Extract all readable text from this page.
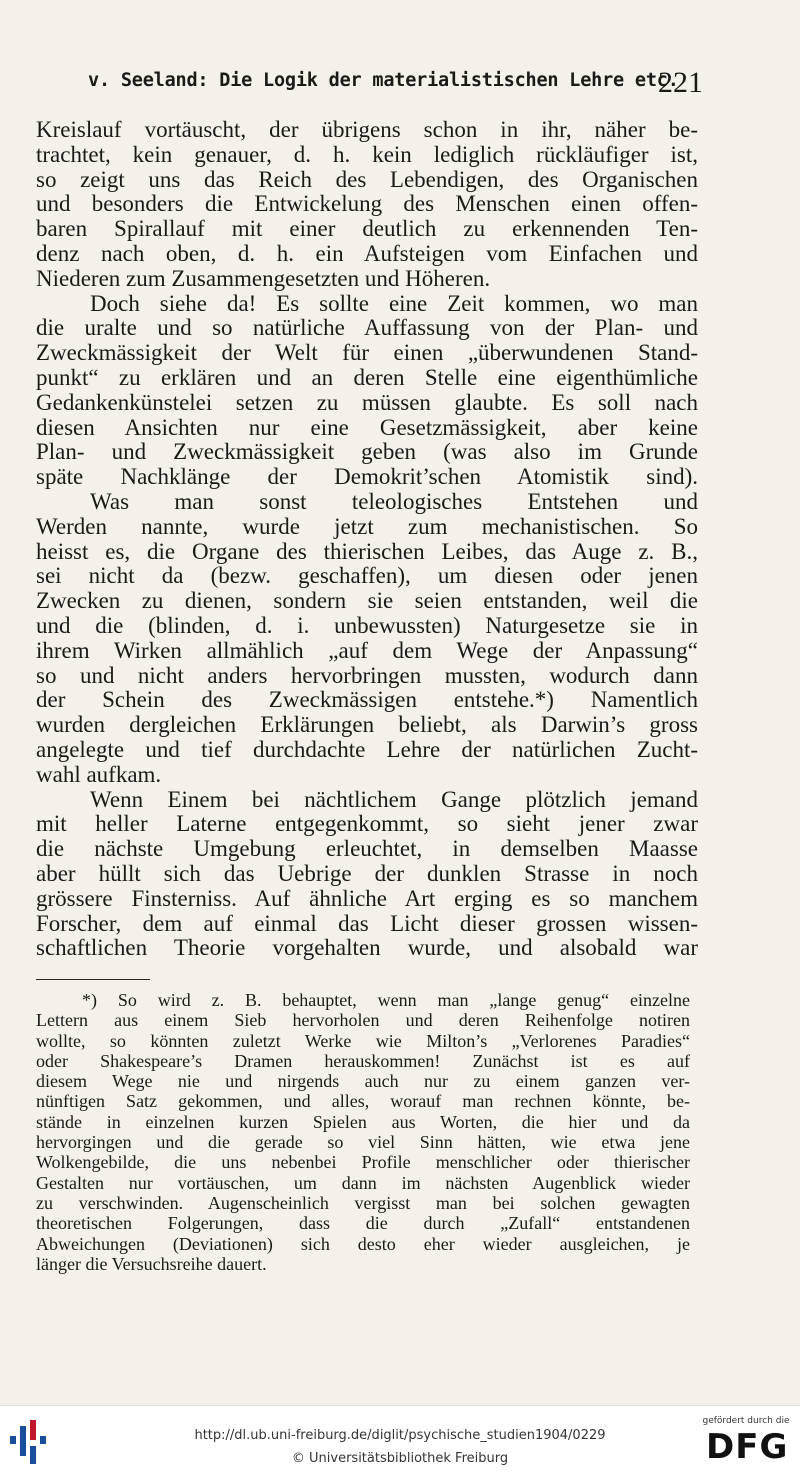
v. Seeland: Die Logik der materialistischen Lehre etc.
221
Kreislauf vortäuscht, der übrigens schon in ihr, näher be-
trachtet, kein genauer, d. h. kein lediglich rückläufiger ist,
so zeigt uns das Reich des Lebendigen, des Organischen
und besonders die Entwickelung des Menschen einen offen-
baren Spirallauf mit einer deutlich zu erkennenden Ten-
denz nach oben, d. h. ein Aufsteigen vom Einfachen und
Niederen zum Zusammengesetzten und Höheren.
Doch siehe da! Es sollte eine Zeit kommen, wo man
die uralte und so natürliche Auffassung von der Plan- und
Zweckmässigkeit der Welt für einen „überwundenen Stand-
punkt“ zu erklären und an deren Stelle eine eigenthümliche
Gedankenkünstelei setzen zu müssen glaubte. Es soll nach
diesen Ansichten nur eine Gesetzmässigkeit, aber keine
Plan- und Zweckmässigkeit geben (was also im Grunde
späte Nachklänge der Demokrit’schen Atomistik sind).
Was man sonst teleologisches Entstehen und
Werden nannte, wurde jetzt zum mechanistischen. So
heisst es, die Organe des thierischen Leibes, das Auge z. B.,
sei nicht da (bezw. geschaffen), um diesen oder jenen
Zwecken zu dienen, sondern sie seien entstanden, weil die
und die (blinden, d. i. unbewussten) Naturgesetze sie in
ihrem Wirken allmählich „auf dem Wege der Anpassung“
so und nicht anders hervorbringen mussten, wodurch dann
der Schein des Zweckmässigen entstehe.*) Namentlich
wurden dergleichen Erklärungen beliebt, als Darwin’s gross
angelegte und tief durchdachte Lehre der natürlichen Zucht-
wahl aufkam.
Wenn Einem bei nächtlichem Gange plötzlich jemand
mit heller Laterne entgegenkommt, so sieht jener zwar
die nächste Umgebung erleuchtet, in demselben Maasse
aber hüllt sich das Uebrige der dunklen Strasse in noch
grössere Finsterniss. Auf ähnliche Art erging es so manchem
Forscher, dem auf einmal das Licht dieser grossen wissen-
schaftlichen Theorie vorgehalten wurde, und alsobald war
*) So wird z. B. behauptet, wenn man „lange genug“ einzelne
Lettern aus einem Sieb hervorholen und deren Reihenfolge notiren
wollte, so könnten zuletzt Werke wie Milton’s „Verlorenes Paradies“
oder Shakespeare’s Dramen herauskommen! Zunächst ist es auf
diesem Wege nie und nirgends auch nur zu einem ganzen ver-
nünftigen Satz gekommen, und alles, worauf man rechnen könnte, be-
stände in einzelnen kurzen Spielen aus Worten, die hier und da
hervorgingen und die gerade so viel Sinn hätten, wie etwa jene
Wolkengebilde, die uns nebenbei Profile menschlicher oder thierischer
Gestalten nur vortäuschen, um dann im nächsten Augenblick wieder
zu verschwinden. Augenscheinlich vergisst man bei solchen gewagten
theoretischen Folgerungen, dass die durch „Zufall“ entstandenen
Abweichungen (Deviationen) sich desto eher wieder ausgleichen, je
länger die Versuchsreihe dauert.
http://dl.ub.uni-freiburg.de/diglit/psychische_studien1904/0229
© Universitätsbibliothek Freiburg
gefördert durch die
DFG
